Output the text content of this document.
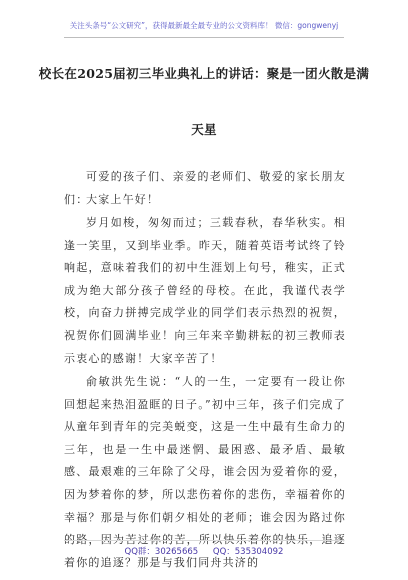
关注头条号“公文研究”，获得最新最全最专业的公文资料库！ 微信：gongwenyj
校长在2025届初三毕业典礼上的讲话：聚是一团火散是满
天星

可爱的孩子们、亲爱的老师们、敬爱的家长朋友们：

大家上午好！

岁月如梭，匆匆而过；三载春秋，春华秋实。相逢一笑里，又到毕业季。昨天，随着英语考试终了铃响起，意味着我们的初中生涯划上句号，稚实，正式成为绝大部分孩子曾经的母校。在此，我谨代表学校，向奋力拼搏完成学业的同学们表示热烈的祝贺，祝贺你们圆满毕业！向三年来辛勤耕耘的初三教师表示衷心的感谢！大家辛苦了！

俞敏洪先生说：“人的一生，一定要有一段让你回想起来热泪盈眶的日子。”初中三年，孩子们完成了从童年到青年的完美蜕变，这是一生中最有生命力的三年，也是一生中最迷惘、最困惑、最矛盾、最敏感、最艰难的三年除了父母，谁会因为爱着你的爱，因为梦着你的梦，所以悲伤着你的悲伤，幸福着你的幸福？那是与你们朝夕相处的老师；谁会因为路过你的路，因为苦过你的苦，所以快乐着你的快乐，追逐着你的追逐？那是与我们同舟共济的

QQ群：30265665 QQ：535304092
